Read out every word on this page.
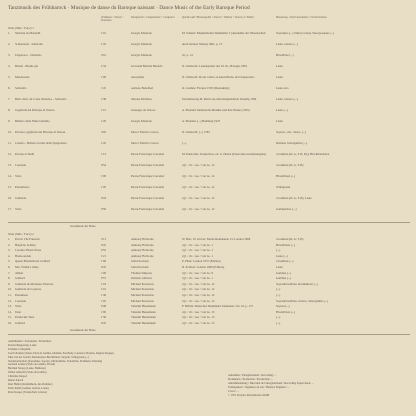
Tanzmusik des Frühbarock · Musique de danse du Baroque naissant · Dance Music of the Early Baroque Period
Zeitdauer / Durée / Duration
Komponist / Compositeur / Composer	Quelle oder Herausgeber / Source / Editeur / Source or Editor	Besetzung / Instrumentation / Orchestration
Seite (Side / Face) 1
1.	Sinfonia da Matatelli	1'10	Giorgio Mainerio	M. Schuler: Musikalischer Denkmäler 5 (Akademie der Wissenschaft	Sopranino (...) Zink (Cornet), Tenorposaune (...)
2.	Schiarazula - Saltarello	1'45	Giorgio Mainerio	und Literatur, Mainz) 1961, p. 13	Laute, Gitarre (...)
3.	Ungaresca - Saltarello	2'01	Giorgio Mainerio	id., p. 14	Blockflöte (...)
4.	Branle - Branle gai	1'34	Giovanni Battista Besardo	O. Chilesotti: Lautenspieler des 16. Jh., Bologna 1891	Laute
5.	Mascherada	1'00	Anonymus	O. Chilesotti: Da un codice «Lauten-Buch» del Cinquecento	Laute
6.	Saltarello	1'45	Adriano Banchieri	O. Goldine: Florenz 1593 (Manuskript)	Laute solo
7.	Ballo detto «Il Conte Orlando» - Saltarello	1'38	Simone Molinaro	Überlieferung M. Reich aus dem Originaldruck Venedig 1599	Laute, Gitarre (...)
8.	Gagliarda del Principe di Venosa	1'21	Giuseppe de Venosa	A. Einstein: Italienische Musiker und ihre Werke (1593)	Laute (...)
9.	Balletto della Ninfa Ghedina	1'20	Giorgio Mainerio	A. Einstein: (...) Hamburg 1947	Laute
10.	Pavana e gagliarda del Principe di Venosa	2'05	Marco Fabricio Caroso	O. Chilesotti: (...) 1581	Sopran-, Alt-, Tenor- (...)
11.	Canario - Balletto in tutti della Spagnoletta	1'45	Marco Fabricio Caroso	(...)	Dulzian, Tenorgambe (...)
12.	Pavana al Taniti	1'12	Pierre-Francisque Caroubel	M. Praetorius, Terpsichore, ed. G. Oberst (Praetorius-Gesamtausgabe)	4 Gamben (D, A, T, B, Kb), Blockflötenchor
13.	Courante	0'54	Pierre-Francisque Caroubel	vgl. / cfr. / see / voir no. 12	4 Gamben (D, A, T, B)
14.	Volte	1'00	Pierre-Francisque Caroubel	vgl. / cfr. / see / voir no. 12	Blockflöten (...)
15.	Passamezzo	1'20	Pierre-Francisque Caroubel	vgl. / cfr. / see / voir no. 12	Schlagwerk
16.	Gaillarde	0'43	Pierre-Francisque Caroubel	vgl. / cfr. / see / voir no. 12	4 Gamben (D, A, T, B), Laute
17.	Volte	0'59	Pierre-Francisque Caroubel	vgl. / cfr. / see / voir no. 12	Gambenchor (...)
Gesamtzeit der Platte
Seite (Side / Face) 2
1.	Paven: The Funerals	2'13	Anthony Holborne	W. Herr, W. Glover: Monte Remanente 13, London 1966	4 Gamben (D, A, T, B)
2.	Heigh ho holiday	0'45	Anthony Holborne	vgl. / cfr. / see / voir no. 1	Blockflöten (...)
3.	Coranto: Heart's Ease	0'55	Anthony Holborne	vgl. / cfr. / see / voir no. 1	(...)
4.	Honie-suckle	1'21	Anthony Holborne	vgl. / cfr. / see / voir no. 1	Laute (...)
5.	Queen Elizabeth her Galliard	1'06	John Dowland	E. Hunt: London 1957 (Edition)	4 Gamben (...)
6.	Mrs. Winter's Jump	0'45	John Dowland	D. Poulton: London 1966 (Edition)	Laute
7.	Alman	1'00	Thomas Simpson	vgl. / cfr. / see / voir no. 8	Gamben (...)
8.	Galliard	0'57	Orlando Gibbons	vgl. / cfr. / see / voir no. 1	Gamben (...)
9.	Galliarde de Monsieur Wustrow	1'23	Michael Praetorius	vgl. / cfr. / see / voir no. 12	Sopranblockflöte, Krummhorn (...)
10.	Gaillarde de la guerre	1'10	Michael Praetorius	vgl. / cfr. / see / voir no. 12	(...)
11.	Passameze	1'40	Michael Praetorius	vgl. / cfr. / see / voir no. 12	(...)
12.	Courante	1'05	Michael Praetorius	vgl. / cfr. / see / voir no. 12	Sopranblockflöte, Gitarre, Tenorgambe (...)
13.	Volta	0'48	Valentin Haussmann	F. Blöttle: Deutscher Denkmäler Tanzkunst, Vol. 16, p. 175	Sopran (...)
14.	Tanz	1'00	Valentin Haussmann	vgl. / cfr. / see / voir no. 13	Blockflöten (...)
15.	Polnischer Tanz	1'36	Valentin Haussmann	vgl. / cfr. / see / voir no. 13	(...)
16.	Galliard	0'45	Valentin Haussmann	vgl. / cfr. / see / voir no. 13	(...)
Gesamtzeit der Platte
Ausführende / Exécutants / Performers
Konrad Ragossnig, Laute
Ulsamer-Collegium:
Josef Ulsamer (Tenor-Viola da Gamba, Dulzian, Kortholt), Laurence Dreyfus, Regina Klepper,
Elke von der Gracht, Renaissance-Blockflöten, Serpent, Schlagwerk (...)
Sebastian Kelber (Sopranino, Sopran, Altblockflöte, Tenorflöte, Pommern, Dulzian)
Gerhard Gruber (Viola da Gamba, Flöten)
Hartmut Stropp (Laute, Baßlaute)
Walter Albrecht (Viola da Gamba)
Christine Kasper
Dieter Kirsch
Kurt Haller (Krummhorn, Alt-Pommer)
Ernst Kölbl (Gambe, Gitarre, Laute)
Peter Kasper (Trumscheit, Gitarre)
Aufnahme / Enregistrement / Recording: ...
Produktion / Production / Production: ...
Aufnahmeleitung / Direction de l'enregistrement / Recording Supervision: ...
Toningenieur / Ingénieur du son / Balance Engineer: ...
Cover: ...
© 1971 Polydor International GmbH
